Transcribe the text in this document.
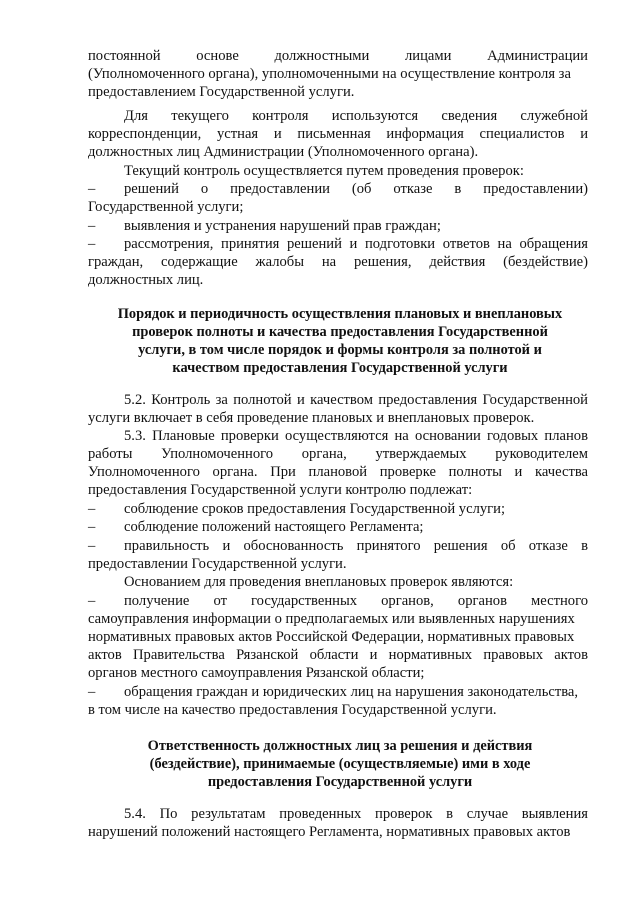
постоянной основе должностными лицами Администрации
(Уполномоченного органа), уполномоченными на осуществление контроля за
предоставлением Государственной услуги.
Для текущего контроля используются сведения служебной
корреспонденции, устная и письменная информация специалистов и
должностных лиц Администрации (Уполномоченного органа).
Текущий контроль осуществляется путем проведения проверок:
– решений о предоставлении (об отказе в предоставлении)
Государственной услуги;
– выявления и устранения нарушений прав граждан;
– рассмотрения, принятия решений и подготовки ответов на обращения
граждан, содержащие жалобы на решения, действия (бездействие)
должностных лиц.
Порядок и периодичность осуществления плановых и внеплановых
проверок полноты и качества предоставления Государственной
услуги, в том числе порядок и формы контроля за полнотой и
качеством предоставления Государственной услуги
5.2. Контроль за полнотой и качеством предоставления Государственной
услуги включает в себя проведение плановых и внеплановых проверок.
5.3. Плановые проверки осуществляются на основании годовых планов
работы Уполномоченного органа, утверждаемых руководителем
Уполномоченного органа. При плановой проверке полноты и качества
предоставления Государственной услуги контролю подлежат:
– соблюдение сроков предоставления Государственной услуги;
– соблюдение положений настоящего Регламента;
– правильность и обоснованность принятого решения об отказе в
предоставлении Государственной услуги.
Основанием для проведения внеплановых проверок являются:
– получение от государственных органов, органов местного
самоуправления информации о предполагаемых или выявленных нарушениях
нормативных правовых актов Российской Федерации, нормативных правовых
актов Правительства Рязанской области и нормативных правовых актов
органов местного самоуправления Рязанской области;
– обращения граждан и юридических лиц на нарушения законодательства,
в том числе на качество предоставления Государственной услуги.
Ответственность должностных лиц за решения и действия
(бездействие), принимаемые (осуществляемые) ими в ходе
предоставления Государственной услуги
5.4. По результатам проведенных проверок в случае выявления
нарушений положений настоящего Регламента, нормативных правовых актов
